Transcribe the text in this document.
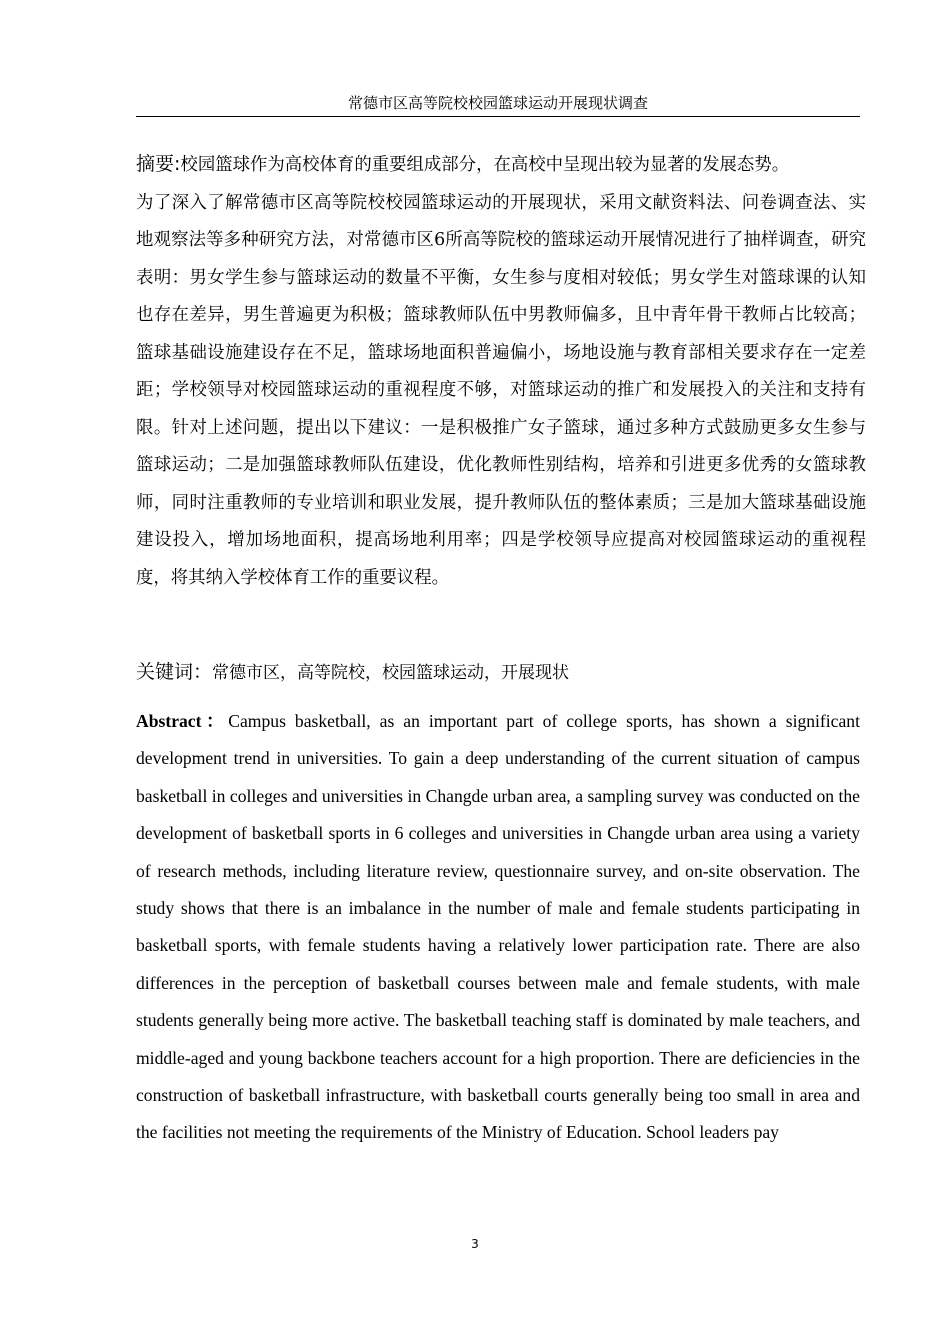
常德市区高等院校校园篮球运动开展现状调查
摘要:校园篮球作为高校体育的重要组成部分，在高校中呈现出较为显著的发展态势。
为了深入了解常德市区高等院校校园篮球运动的开展现状，采用文献资料法、问卷调查法、实地观察法等多种研究方法，对常德市区6所高等院校的篮球运动开展情况进行了抽样调查，研究表明：男女学生参与篮球运动的数量不平衡，女生参与度相对较低；男女学生对篮球课的认知也存在差异，男生普遍更为积极；篮球教师队伍中男教师偏多，且中青年骨干教师占比较高；篮球基础设施建设存在不足，篮球场地面积普遍偏小，场地设施与教育部相关要求存在一定差距；学校领导对校园篮球运动的重视程度不够，对篮球运动的推广和发展投入的关注和支持有限。针对上述问题，提出以下建议：一是积极推广女子篮球，通过多种方式鼓励更多女生参与篮球运动；二是加强篮球教师队伍建设，优化教师性别结构，培养和引进更多优秀的女篮球教师，同时注重教师的专业培训和职业发展，提升教师队伍的整体素质；三是加大篮球基础设施建设投入，增加场地面积，提高场地利用率；四是学校领导应提高对校园篮球运动的重视程度，将其纳入学校体育工作的重要议程。
关键词：常德市区，高等院校，校园篮球运动，开展现状
Abstract：Campus basketball, as an important part of college sports, has shown a significant development trend in universities. To gain a deep understanding of the current situation of campus basketball in colleges and universities in Changde urban area, a sampling survey was conducted on the development of basketball sports in 6 colleges and universities in Changde urban area using a variety of research methods, including literature review, questionnaire survey, and on-site observation. The study shows that there is an imbalance in the number of male and female students participating in basketball sports, with female students having a relatively lower participation rate. There are also differences in the perception of basketball courses between male and female students, with male students generally being more active. The basketball teaching staff is dominated by male teachers, and middle-aged and young backbone teachers account for a high proportion. There are deficiencies in the construction of basketball infrastructure, with basketball courts generally being too small in area and the facilities not meeting the requirements of the Ministry of Education. School leaders pay
3
